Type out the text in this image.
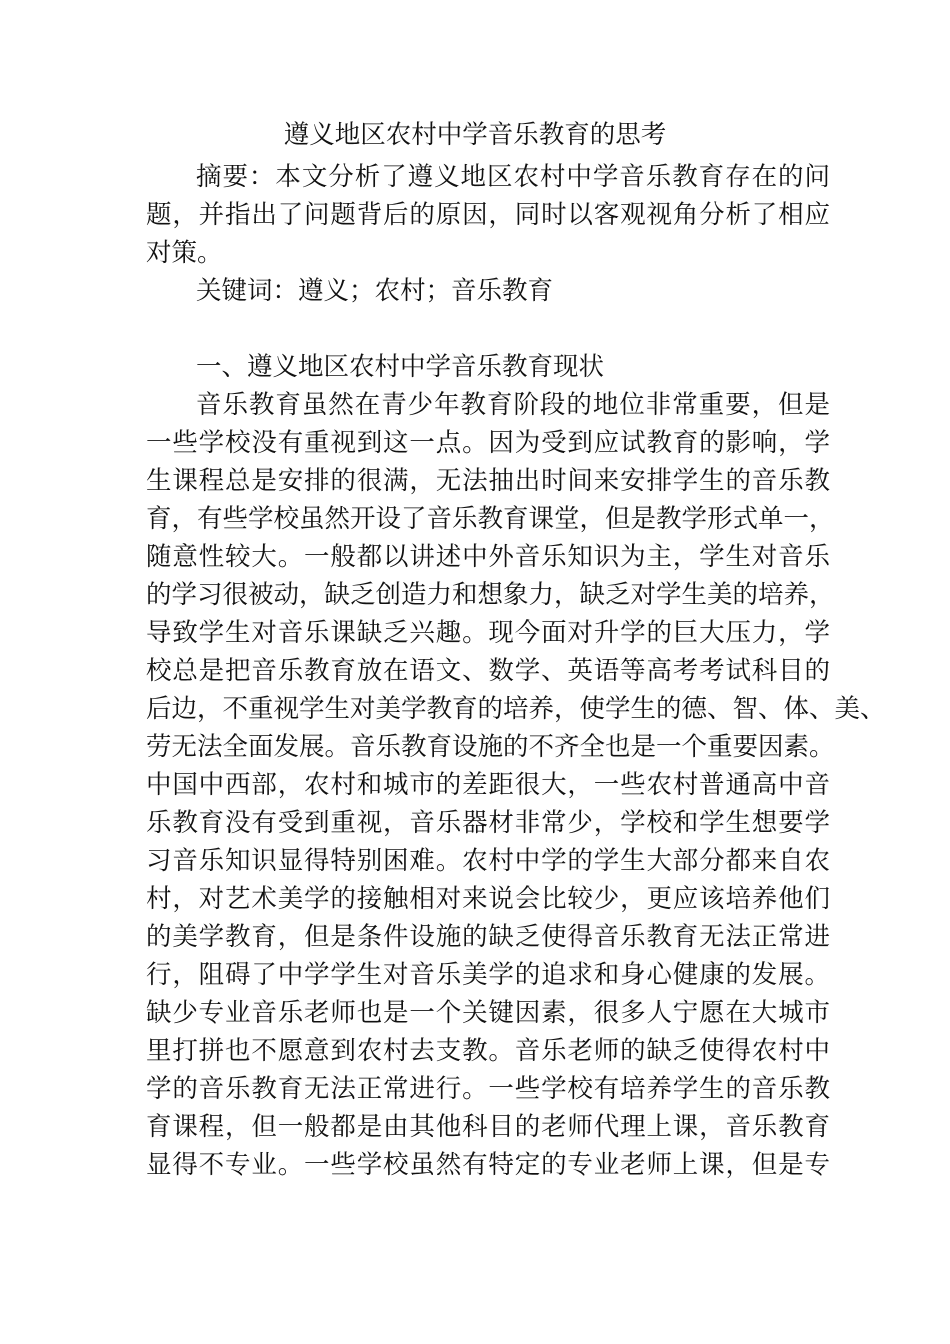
遵义地区农村中学音乐教育的思考
摘要：本文分析了遵义地区农村中学音乐教育存在的问
题，并指出了问题背后的原因，同时以客观视角分析了相应
对策。
关键词：遵义；农村；音乐教育
一、遵义地区农村中学音乐教育现状
音乐教育虽然在青少年教育阶段的地位非常重要，但是
一些学校没有重视到这一点。因为受到应试教育的影响，学
生课程总是安排的很满，无法抽出时间来安排学生的音乐教
育，有些学校虽然开设了音乐教育课堂，但是教学形式单一，
随意性较大。一般都以讲述中外音乐知识为主，学生对音乐
的学习很被动，缺乏创造力和想象力，缺乏对学生美的培养，
导致学生对音乐课缺乏兴趣。现今面对升学的巨大压力，学
校总是把音乐教育放在语文、数学、英语等高考考试科目的
后边，不重视学生对美学教育的培养，使学生的德、智、体、美、
劳无法全面发展。音乐教育设施的不齐全也是一个重要因素。
中国中西部，农村和城市的差距很大，一些农村普通高中音
乐教育没有受到重视，音乐器材非常少，学校和学生想要学
习音乐知识显得特别困难。农村中学的学生大部分都来自农
村，对艺术美学的接触相对来说会比较少，更应该培养他们
的美学教育，但是条件设施的缺乏使得音乐教育无法正常进
行，阻碍了中学学生对音乐美学的追求和身心健康的发展。
缺少专业音乐老师也是一个关键因素，很多人宁愿在大城市
里打拼也不愿意到农村去支教。音乐老师的缺乏使得农村中
学的音乐教育无法正常进行。一些学校有培养学生的音乐教
育课程，但一般都是由其他科目的老师代理上课，音乐教育
显得不专业。一些学校虽然有特定的专业老师上课，但是专
